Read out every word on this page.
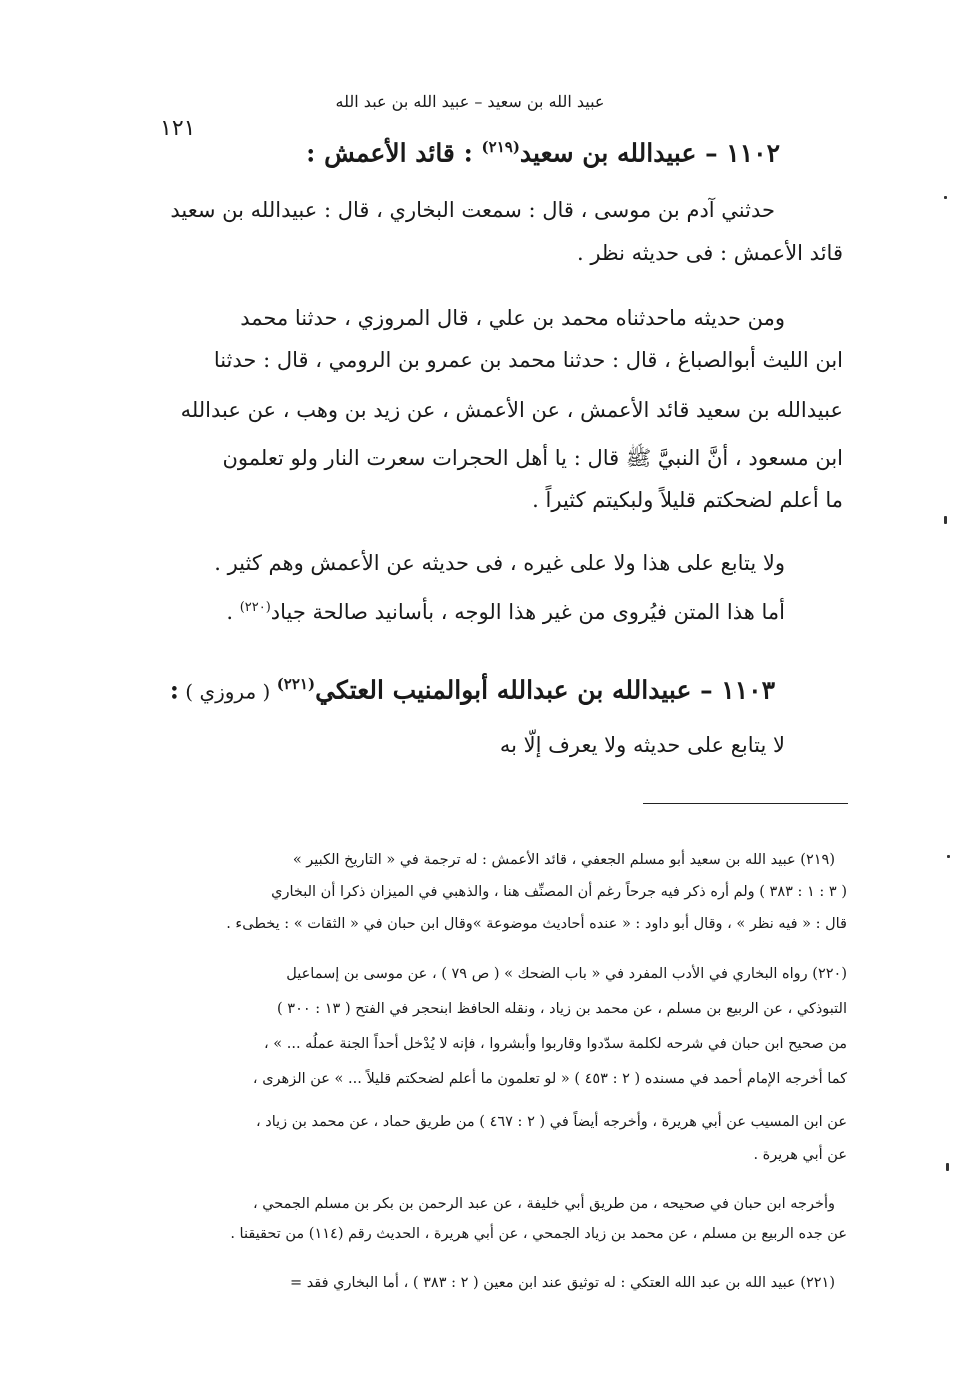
عبيد الله بن سعيد – عبيد الله بن عبد الله
١٢١
١١٠٢ – عبيدالله بن سعيد$^{(٢١٩)}$ : قائد الأعمش :
حدثني آدم بن موسى ، قال : سمعت البخاري ، قال : عبيدالله بن سعيد
قائد الأعمش : فى حديثه نظر .
ومن حديثه ماحدثناه محمد بن علي ، قال المروزي ، حدثنا محمد
ابن الليث أبوالصباغ ، قال : حدثنا محمد بن عمرو بن الرومي ، قال : حدثنا
عبيدالله بن سعيد قائد الأعمش ، عن الأعمش ، عن زيد بن وهب ، عن عبدالله
ابن مسعود ، أنَّ النبيَّ ﷺ قال : يا أهل الحجرات سعرت النار ولو تعلمون
ما أعلم لضحكتم قليلاً ولبكيتم كثيراً .
ولا يتابع على هذا ولا على غيره ، فى حديثه عن الأعمش وهم كثير .
أما هذا المتن فيُروى من غير هذا الوجه ، بأسانيد صالحة جياد$^{(٢٢٠)}$ .
١١٠٣ – عبيدالله بن عبدالله أبوالمنيب العتكي$^{(٢٢١)}$ ( مروزي ) :
لا يتابع على حديثه ولا يعرف إلّا به
(٢١٩) عبيد الله بن سعيد أبو مسلم الجعفي ، قائد الأعمش : له ترجمة في « التاريخ الكبير »
( ٣ : ١ : ٣٨٣ ) ولم أره ذكر فيه جرحاً رغم أن المصنِّف هنا ، والذهبي في الميزان ذكرا أن البخاري
قال : « فيه نظر » ، وقال أبو داود : « عنده أحاديث موضوعة »وقال ابن حبان في « الثقات » : يخطىء .
(٢٢٠) رواه البخاري في الأدب المفرد في « باب الضحك » ( ص ٧٩ ) ، عن موسى بن إسماعيل
التبوذكي ، عن الربيع بن مسلم ، عن محمد بن زياد ، ونقله الحافظ ابنحجر في الفتح ( ١٣ : ٣٠٠ )
من صحيح ابن حبان في شرحه لكلمة سدّدوا وقاربوا وأبشروا ، فإنه لا يُدْخل أحداً الجنة عملُه ... » ،
كما أخرجه الإمام أحمد في مسنده ( ٢ : ٤٥٣ ) « لو تعلمون ما أعلم لضحكتم قليلاً ... » عن الزهرى ،
عن ابن المسيب عن أبي هريرة ، وأخرجه أيضاً في ( ٢ : ٤٦٧ ) من طريق حماد ، عن محمد بن زياد ،
عن أبي هريرة .
وأخرجه ابن حبان في صحيحه ، من طريق أبي خليفة ، عن عبد الرحمن بن بكر بن مسلم الجمحي ،
عن جده الربيع بن مسلم ، عن محمد بن زياد الجمحي ، عن أبي هريرة ، الحديث رقم (١١٤) من تحقيقنا .
(٢٢١) عبيد الله بن عبد الله العتكي : له توثيق عند ابن معين ( ٢ : ٣٨٣ ) ، أما البخاري فقد =
